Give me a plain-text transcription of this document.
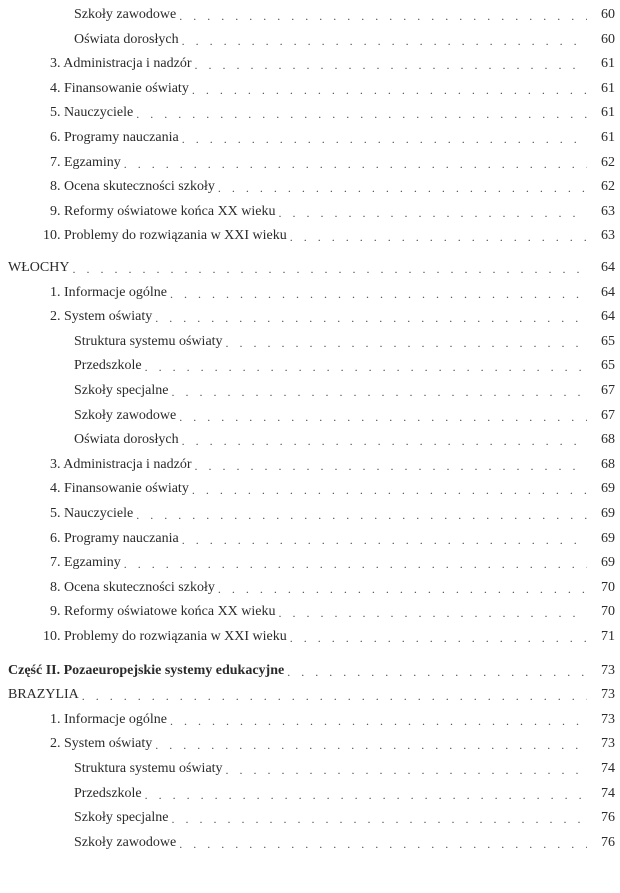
Szkoły zawodowe . . .	60
Oświata dorosłych . . .	60
3. Administracja i nadzór . . .	61
4. Finansowanie oświaty . . .	61
5. Nauczyciele . . .	61
6. Programy nauczania . . .	61
7. Egzaminy . . .	62
8. Ocena skuteczności szkoły . . .	62
9. Reformy oświatowe końca XX wieku . . .	63
10. Problemy do rozwiązania w XXI wieku . . .	63
WŁOCHY . . .	64
1. Informacje ogólne . . .	64
2. System oświaty . . .	64
Struktura systemu oświaty . . .	65
Przedszkole . . .	65
Szkoły specjalne . . .	67
Szkoły zawodowe . . .	67
Oświata dorosłych . . .	68
3. Administracja i nadzór . . .	68
4. Finansowanie oświaty . . .	69
5. Nauczyciele . . .	69
6. Programy nauczania . . .	69
7. Egzaminy . . .	69
8. Ocena skuteczności szkoły . . .	70
9. Reformy oświatowe końca XX wieku . . .	70
10. Problemy do rozwiązania w XXI wieku . . .	71
Część II. Pozaeuropejskie systemy edukacyjne . . .	73
BRAZYLIA . . .	73
1. Informacje ogólne . . .	73
2. System oświaty . . .	73
Struktura systemu oświaty . . .	74
Przedszkole . . .	74
Szkoły specjalne . . .	76
Szkoły zawodowe . . .	76
